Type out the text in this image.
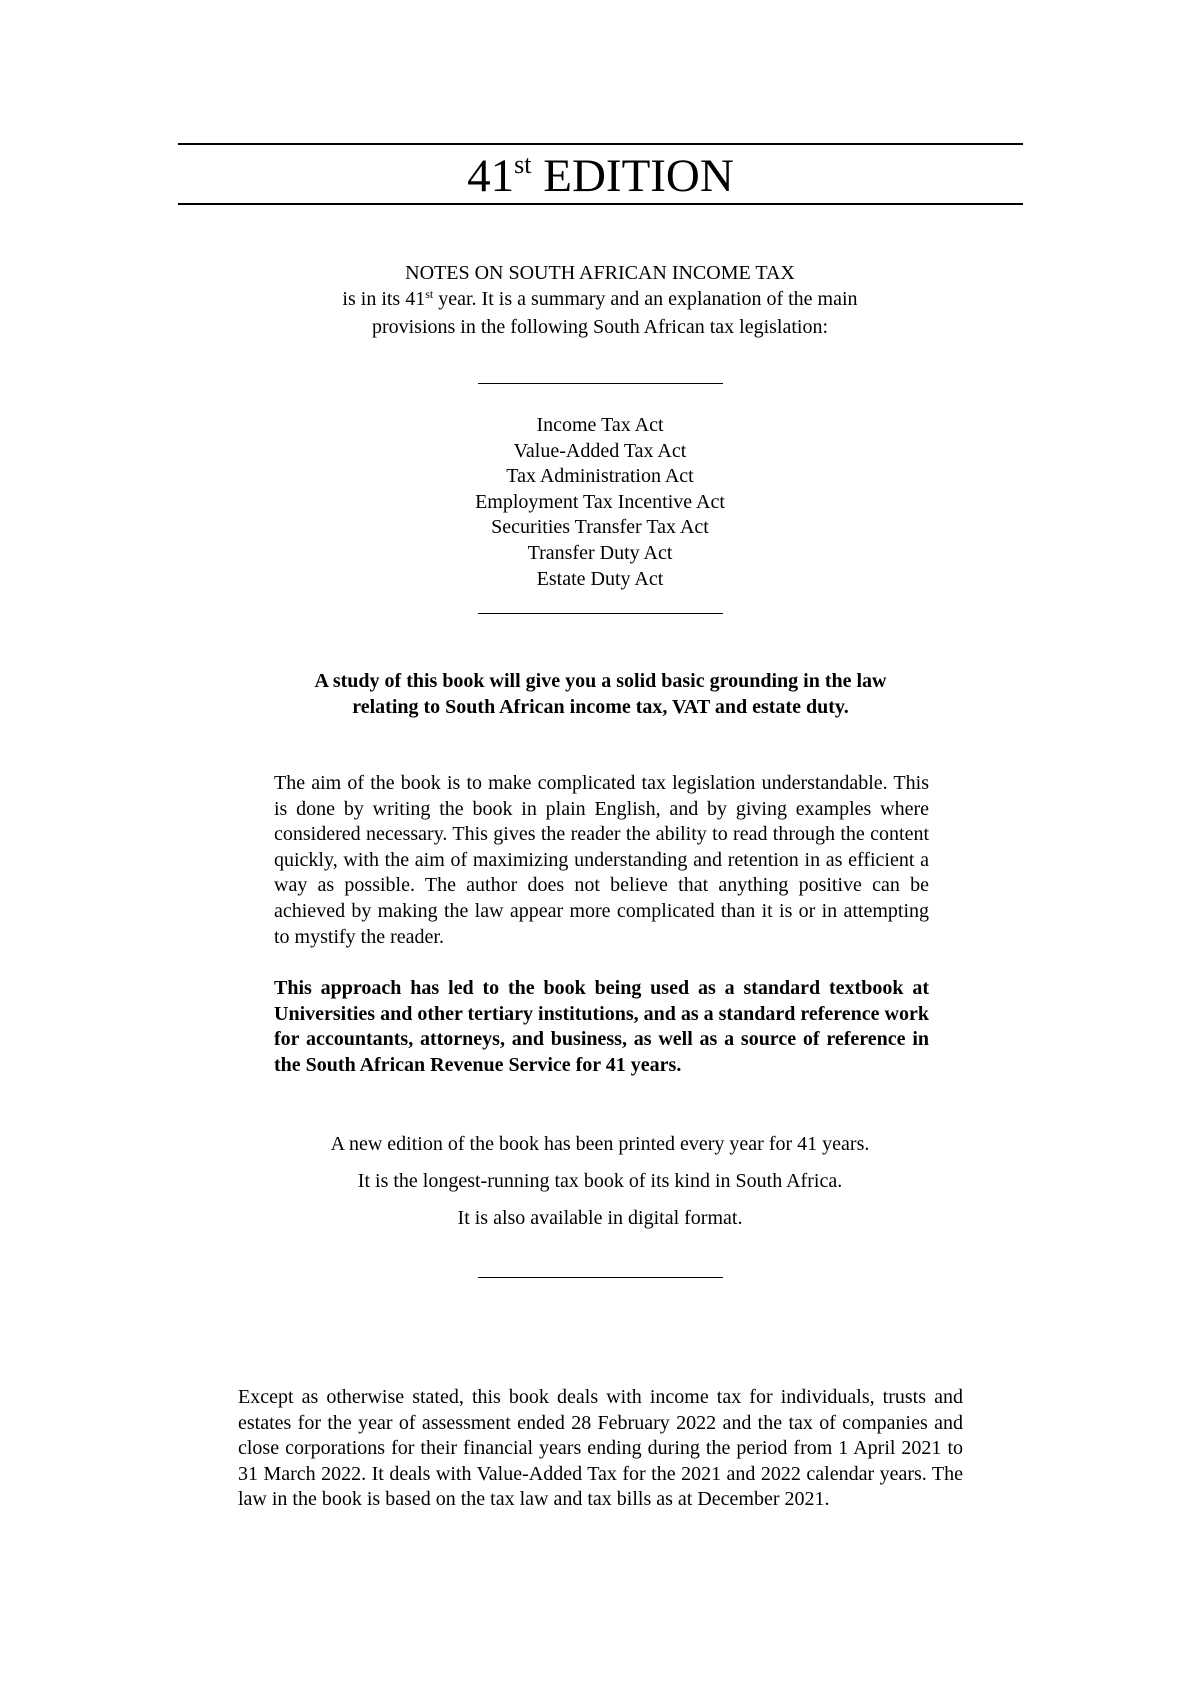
41st EDITION
NOTES ON SOUTH AFRICAN INCOME TAX
is in its 41st year. It is a summary and an explanation of the main
provisions in the following South African tax legislation:
Income Tax Act
Value-Added Tax Act
Tax Administration Act
Employment Tax Incentive Act
Securities Transfer Tax Act
Transfer Duty Act
Estate Duty Act
A study of this book will give you a solid basic grounding in the law relating to South African income tax, VAT and estate duty.
The aim of the book is to make complicated tax legislation understandable. This is done by writing the book in plain English, and by giving examples where considered necessary. This gives the reader the ability to read through the content quickly, with the aim of maximizing understanding and retention in as efficient a way as possible. The author does not believe that anything positive can be achieved by making the law appear more complicated than it is or in attempting to mystify the reader.
This approach has led to the book being used as a standard textbook at Universities and other tertiary institutions, and as a standard reference work for accountants, attorneys, and business, as well as a source of reference in the South African Revenue Service for 41 years.
A new edition of the book has been printed every year for 41 years.
It is the longest-running tax book of its kind in South Africa.
It is also available in digital format.
Except as otherwise stated, this book deals with income tax for individuals, trusts and estates for the year of assessment ended 28 February 2022 and the tax of companies and close corporations for their financial years ending during the period from 1 April 2021 to 31 March 2022. It deals with Value-Added Tax for the 2021 and 2022 calendar years. The law in the book is based on the tax law and tax bills as at December 2021.
